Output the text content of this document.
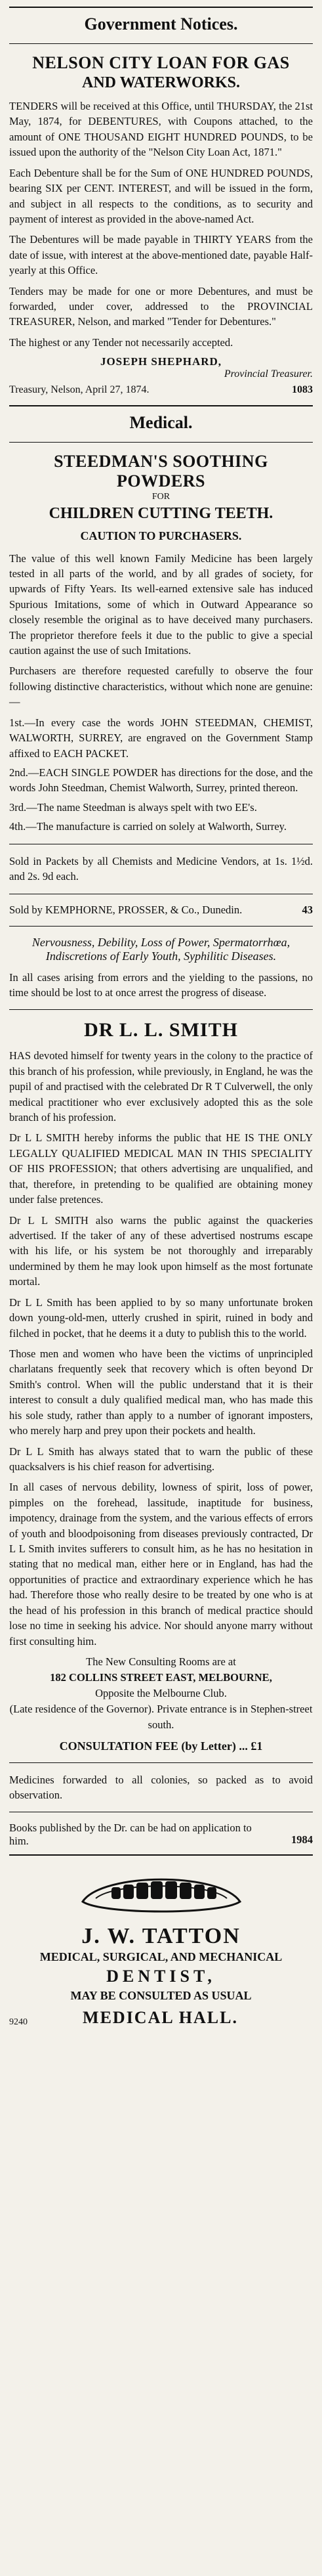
Government Notices.
NELSON CITY LOAN FOR GAS
AND WATERWORKS.

TENDERS will be received at this Office, until THURSDAY, the 21st May, 1874, for DEBENTURES, with Coupons attached, to the amount of ONE THOUSAND EIGHT HUNDRED POUNDS, to be issued upon the authority of the "Nelson City Loan Act, 1871."

Each Debenture shall be for the Sum of ONE HUNDRED POUNDS, bearing SIX per CENT. INTEREST, and will be issued in the form, and subject in all respects to the conditions, as to security and payment of interest as provided in the above-named Act.

The Debentures will be made payable in THIRTY YEARS from the date of issue, with interest at the above-mentioned date, payable Half-yearly at this Office.

Tenders may be made for one or more Debentures, and must be forwarded, under cover, addressed to the PROVINCIAL TREASURER, Nelson, and marked "Tender for Debentures."

The highest or any Tender not necessarily accepted.

JOSEPH SHEPHARD,
Provincial Treasurer.
Treasury, Nelson, April 27, 1874.	1083
Medical.
STEEDMAN'S SOOTHING POWDERS
FOR
CHILDREN CUTTING TEETH.
CAUTION TO PURCHASERS.

The value of this well known Family Medicine has been largely tested in all parts of the world, and by all grades of society, for upwards of Fifty Years. Its well-earned extensive sale has induced Spurious Imitations, some of which in Outward Appearance so closely resemble the original as to have deceived many purchasers. The proprietor therefore feels it due to the public to give a special caution against the use of such Imitations.

Purchasers are therefore requested carefully to observe the four following distinctive characteristics, without which none are genuine:—

1st.—In every case the words JOHN STEEDMAN, CHEMIST, WALWORTH, SURREY, are engraved on the Government Stamp affixed to EACH PACKET.

2nd.—EACH SINGLE POWDER has directions for the dose, and the words John Steedman, Chemist Walworth, Surrey, printed thereon.

3rd.—The name Steedman is always spelt with two EE's.

4th.—The manufacture is carried on solely at Walworth, Surrey.

Sold in Packets by all Chemists and Medicine Vendors, at 1s. 1½d. and 2s. 9d each.

Sold by KEMPHORNE, PROSSER, & Co., Dunedin.	43
Nervousness, Debility, Loss of Power, Spermatorrhœa, Indiscretions of Early Youth, Syphilitic Diseases.

In all cases arising from errors and the yielding to the passions, no time should be lost to at once arrest the progress of disease.

DR L. L. SMITH

HAS devoted himself for twenty years in the colony to the practice of this branch of his profession, while previously, in England, he was the pupil of and practised with the celebrated Dr R T Culverwell, the only medical practitioner who ever exclusively adopted this as the sole branch of his profession.

Dr L L SMITH hereby informs the public that HE IS THE ONLY LEGALLY QUALIFIED MEDICAL MAN IN THIS SPECIALITY OF HIS PROFESSION; that others advertising are unqualified, and that, therefore, in pretending to be qualified are obtaining money under false pretences.

Dr L L SMITH also warns the public against the quackeries advertised. If the taker of any of these advertised nostrums escape with his life, or his system be not thoroughly and irreparably undermined by them he may look upon himself as the most fortunate mortal.

Dr L L Smith has been applied to by so many unfortunate broken down young-old-men, utterly crushed in spirit, ruined in body and filched in pocket, that he deems it a duty to publish this to the world.

Those men and women who have been the victims of unprincipled charlatans frequently seek that recovery which is often beyond Dr Smith's control. When will the public understand that it is their interest to consult a duly qualified medical man, who has made this his sole study, rather than apply to a number of ignorant imposters, who merely harp and prey upon their pockets and health.

Dr L L Smith has always stated that to warn the public of these quacksalvers is his chief reason for advertising.

In all cases of nervous debility, lowness of spirit, loss of power, pimples on the forehead, lassitude, inaptitude for business, impotency, drainage from the system, and the various effects of errors of youth and bloodpoisoning from diseases previously contracted, Dr L L Smith invites sufferers to consult him, as he has no hesitation in stating that no medical man, either here or in England, has had the opportunities of practice and extraordinary experience which he has had. Therefore those who really desire to be treated by one who is at the head of his profession in this branch of medical practice should lose no time in seeking his advice. Nor should anyone marry without first consulting him.

The New Consulting Rooms are at
182 COLLINS STREET EAST, MELBOURNE,
Opposite the Melbourne Club.
(Late residence of the Governor). Private entrance is in Stephen-street south.
CONSULTATION FEE (by Letter) ... £1

Medicines forwarded to all colonies, so packed as to avoid observation.

Books published by the Dr. can be had on application to him.	1984
J. W. TATTON
MEDICAL, SURGICAL, AND MECHANICAL
DENTIST,
MAY BE CONSULTED AS USUAL
9240	MEDICAL HALL.
